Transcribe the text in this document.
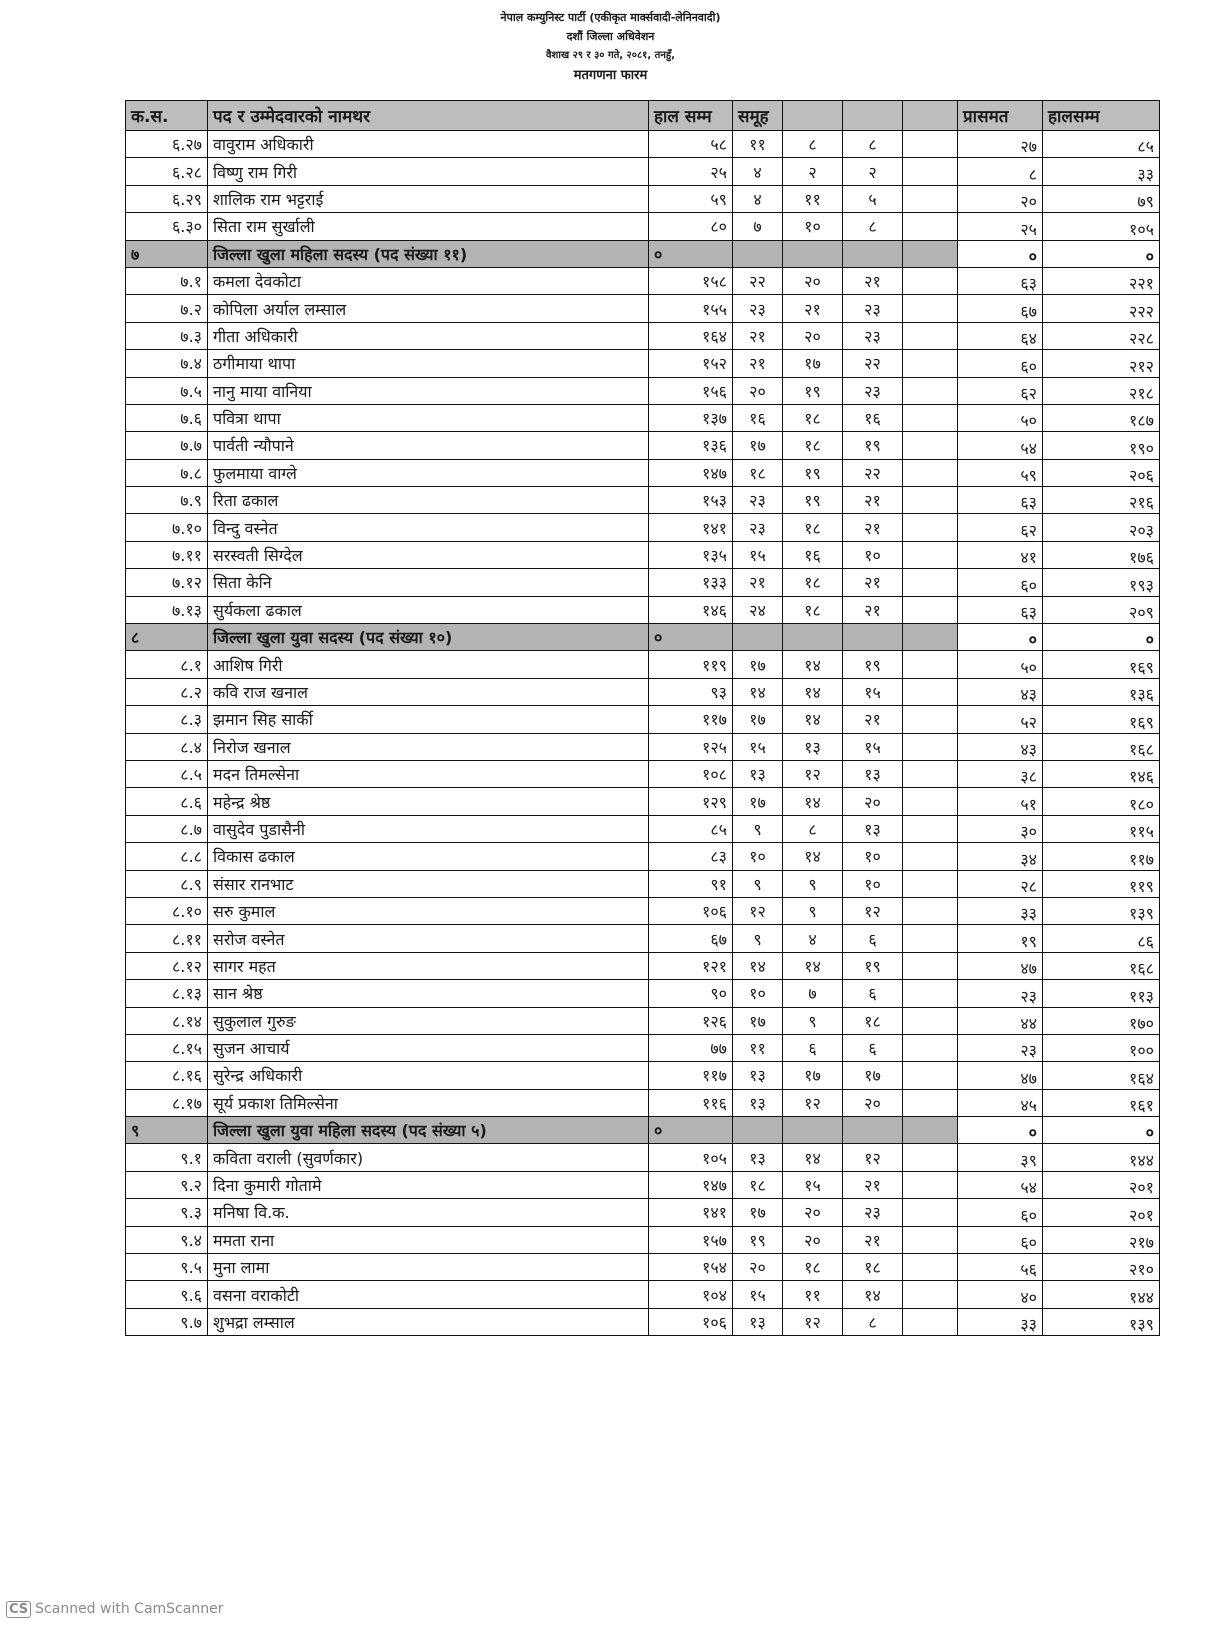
नेपाल कम्युनिस्ट पार्टी (एकीकृत मार्क्सवादी-लेनिनवादी)
दशौं जिल्ला अधिवेशन
वैशाख २९ र ३० गते, २०८१, तनहुँ,
मतगणना फारम
क.स.	पद र उम्मेदवारको नामथर	हाल सम्म	समूह				प्रासमत	हालसम्म
६.२७	वावुराम अधिकारी	५८	११	८	८		२७	८५
६.२८	विष्णु राम गिरी	२५	४	२	२		८	३३
६.२९	शालिक राम भट्टराई	५९	४	११	५		२०	७९
६.३०	सिता राम सुर्खाली	८०	७	१०	८		२५	१०५
७	जिल्ला खुला महिला सदस्य (पद संख्या ११)	०					०	०
७.१	कमला देवकोटा	१५८	२२	२०	२१		६३	२२१
७.२	कोपिला अर्याल लम्साल	१५५	२३	२१	२३		६७	२२२
७.३	गीता अधिकारी	१६४	२१	२०	२३		६४	२२८
७.४	ठगीमाया थापा	१५२	२१	१७	२२		६०	२१२
७.५	नानु माया वानिया	१५६	२०	१९	२३		६२	२१८
७.६	पवित्रा थापा	१३७	१६	१८	१६		५०	१८७
७.७	पार्वती न्यौपाने	१३६	१७	१८	१९		५४	१९०
७.८	फुलमाया वाग्ले	१४७	१८	१९	२२		५९	२०६
७.९	रिता ढकाल	१५३	२३	१९	२१		६३	२१६
७.१०	विन्दु वस्नेत	१४१	२३	१८	२१		६२	२०३
७.११	सरस्वती सिग्देल	१३५	१५	१६	१०		४१	१७६
७.१२	सिता केनि	१३३	२१	१८	२१		६०	१९३
७.१३	सुर्यकला ढकाल	१४६	२४	१८	२१		६३	२०९
८	जिल्ला खुला युवा सदस्य (पद संख्या १०)	०					०	०
८.१	आशिष गिरी	११९	१७	१४	१९		५०	१६९
८.२	कवि राज खनाल	९३	१४	१४	१५		४३	१३६
८.३	झमान सिह सार्की	११७	१७	१४	२१		५२	१६९
८.४	निरोज खनाल	१२५	१५	१३	१५		४३	१६८
८.५	मदन तिमल्सेना	१०८	१३	१२	१३		३८	१४६
८.६	महेन्द्र श्रेष्ठ	१२९	१७	१४	२०		५१	१८०
८.७	वासुदेव पुडासैनी	८५	९	८	१३		३०	११५
८.८	विकास ढकाल	८३	१०	१४	१०		३४	११७
८.९	संसार रानभाट	९१	९	९	१०		२८	११९
८.१०	सरु कुमाल	१०६	१२	९	१२		३३	१३९
८.११	सरोज वस्नेत	६७	९	४	६		१९	८६
८.१२	सागर महत	१२१	१४	१४	१९		४७	१६८
८.१३	सान श्रेष्ठ	९०	१०	७	६		२३	११३
८.१४	सुकुलाल गुरुङ	१२६	१७	९	१८		४४	१७०
८.१५	सुजन आचार्य	७७	११	६	६		२३	१००
८.१६	सुरेन्द्र अधिकारी	११७	१३	१७	१७		४७	१६४
८.१७	सूर्य प्रकाश तिमिल्सेना	११६	१३	१२	२०		४५	१६१
९	जिल्ला खुला युवा महिला सदस्य (पद संख्या ५)	०					०	०
९.१	कविता वराली (सुवर्णकार)	१०५	१३	१४	१२		३९	१४४
९.२	दिना कुमारी गोतामे	१४७	१८	१५	२१		५४	२०१
९.३	मनिषा वि.क.	१४१	१७	२०	२३		६०	२०१
९.४	ममता राना	१५७	१९	२०	२१		६०	२१७
९.५	मुना लामा	१५४	२०	१८	१८		५६	२१०
९.६	वसना वराकोटी	१०४	१५	११	१४		४०	१४४
९.७	शुभद्रा लम्साल	१०६	१३	१२	८		३३	१३९
CS Scanned with CamScanner
